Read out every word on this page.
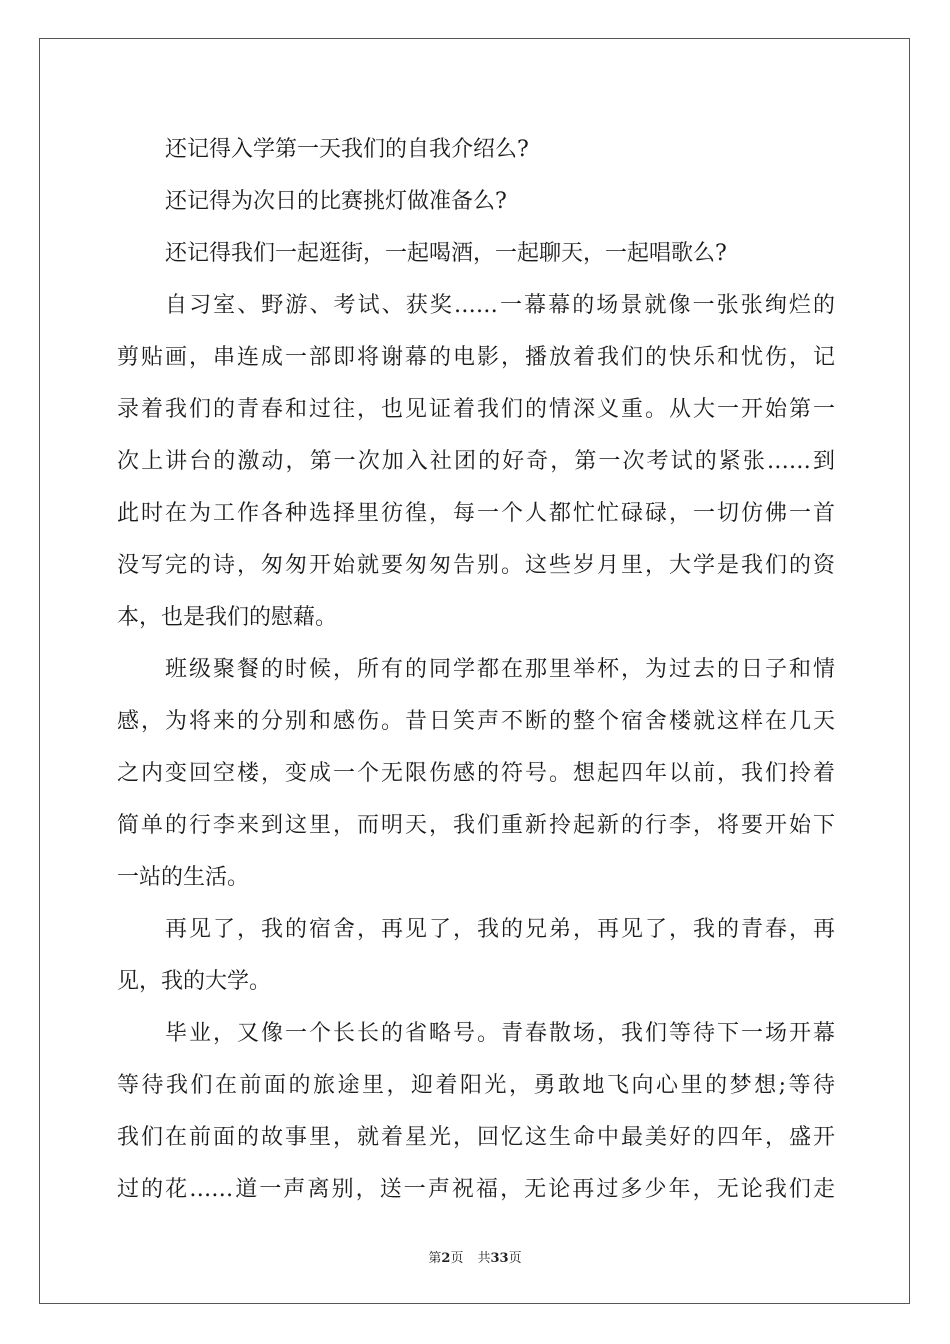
还记得入学第一天我们的自我介绍么?
还记得为次日的比赛挑灯做准备么?
还记得我们一起逛街，一起喝酒，一起聊天，一起唱歌么?
自习室、野游、考试、获奖……一幕幕的场景就像一张张绚烂的
剪贴画，串连成一部即将谢幕的电影，播放着我们的快乐和忧伤，记
录着我们的青春和过往，也见证着我们的情深义重。从大一开始第一
次上讲台的激动，第一次加入社团的好奇，第一次考试的紧张……到
此时在为工作各种选择里彷徨，每一个人都忙忙碌碌，一切仿佛一首
没写完的诗，匆匆开始就要匆匆告别。这些岁月里，大学是我们的资
本，也是我们的慰藉。
班级聚餐的时候，所有的同学都在那里举杯，为过去的日子和情
感，为将来的分别和感伤。昔日笑声不断的整个宿舍楼就这样在几天
之内变回空楼，变成一个无限伤感的符号。想起四年以前，我们拎着
简单的行李来到这里，而明天，我们重新拎起新的行李，将要开始下
一站的生活。
再见了，我的宿舍，再见了，我的兄弟，再见了，我的青春，再
见，我的大学。
毕业，又像一个长长的省略号。青春散场，我们等待下一场开幕
等待我们在前面的旅途里，迎着阳光，勇敢地飞向心里的梦想;等待
我们在前面的故事里，就着星光，回忆这生命中最美好的四年，盛开
过的花……道一声离别，送一声祝福，无论再过多少年，无论我们走
第2页 共33页
